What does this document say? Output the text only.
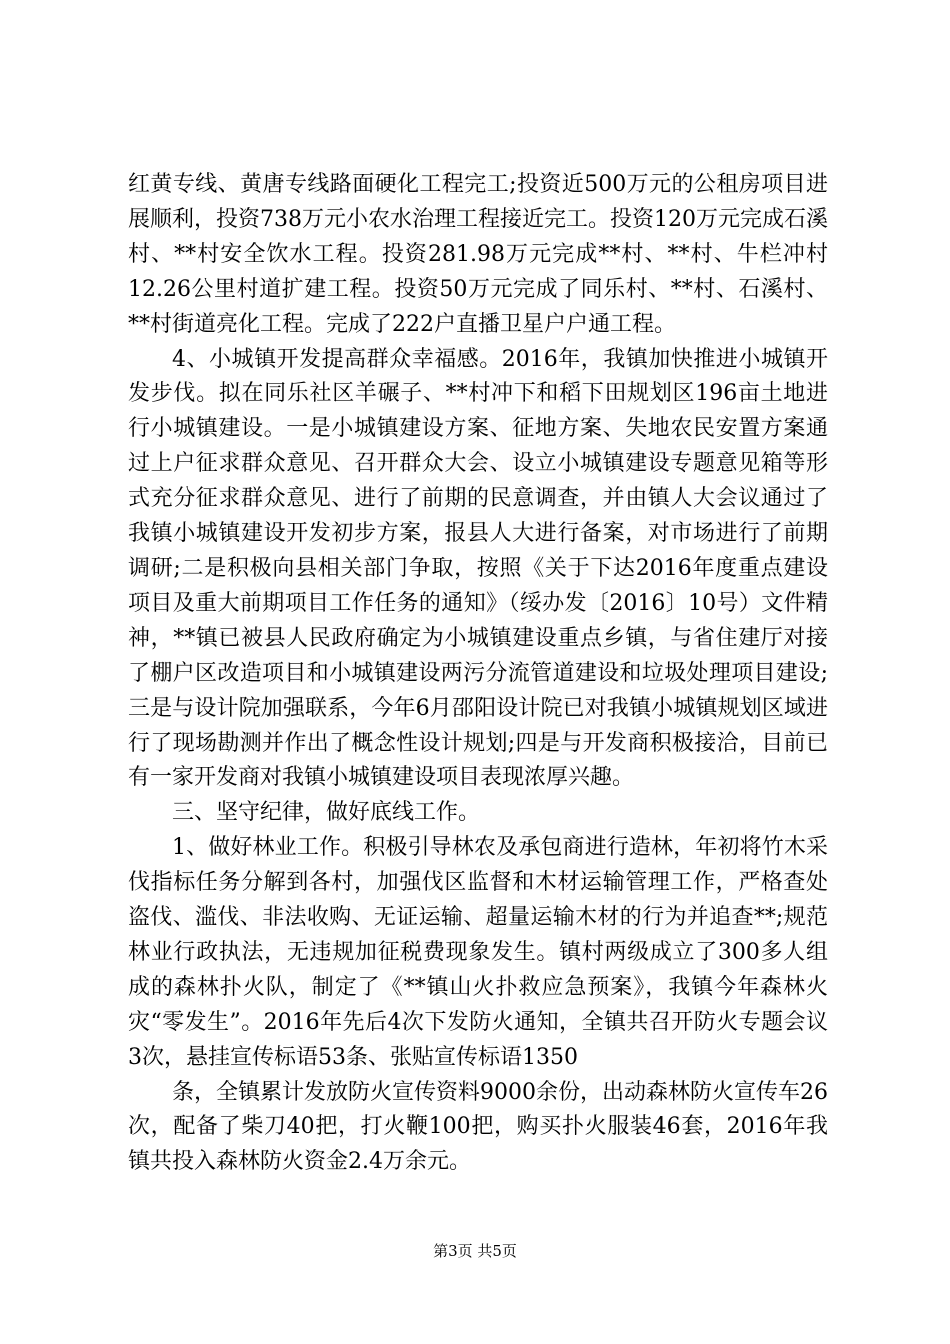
红黄专线、黄唐专线路面硬化工程完工;投资近500万元的公租房项目进展顺利，投资738万元小农水治理工程接近完工。投资120万元完成石溪村、**村安全饮水工程。投资281.98万元完成**村、**村、牛栏冲村12.26公里村道扩建工程。投资50万元完成了同乐村、**村、石溪村、**村街道亮化工程。完成了222户直播卫星户户通工程。

4、小城镇开发提高群众幸福感。2016年，我镇加快推进小城镇开发步伐。拟在同乐社区羊碾子、**村冲下和稻下田规划区196亩土地进行小城镇建设。一是小城镇建设方案、征地方案、失地农民安置方案通过上户征求群众意见、召开群众大会、设立小城镇建设专题意见箱等形式充分征求群众意见、进行了前期的民意调查，并由镇人大会议通过了我镇小城镇建设开发初步方案，报县人大进行备案，对市场进行了前期调研;二是积极向县相关部门争取，按照《关于下达2016年度重点建设项目及重大前期项目工作任务的通知》（绥办发〔2016〕10号）文件精神，**镇已被县人民政府确定为小城镇建设重点乡镇，与省住建厅对接了棚户区改造项目和小城镇建设两污分流管道建设和垃圾处理项目建设;三是与设计院加强联系，今年6月邵阳设计院已对我镇小城镇规划区域进行了现场勘测并作出了概念性设计规划;四是与开发商积极接洽，目前已有一家开发商对我镇小城镇建设项目表现浓厚兴趣。

三、坚守纪律，做好底线工作。

1、做好林业工作。积极引导林农及承包商进行造林，年初将竹木采伐指标任务分解到各村，加强伐区监督和木材运输管理工作，严格查处盗伐、滥伐、非法收购、无证运输、超量运输木材的行为并追查**;规范林业行政执法，无违规加征税费现象发生。镇村两级成立了300多人组成的森林扑火队，制定了《**镇山火扑救应急预案》，我镇今年森林火灾“零发生”。2016年先后4次下发防火通知，全镇共召开防火专题会议3次，悬挂宣传标语53条、张贴宣传标语1350

条，全镇累计发放防火宣传资料9000余份，出动森林防火宣传车26次，配备了柴刀40把，打火鞭100把，购买扑火服装46套，2016年我镇共投入森林防火资金2.4万余元。

第3页 共5页
